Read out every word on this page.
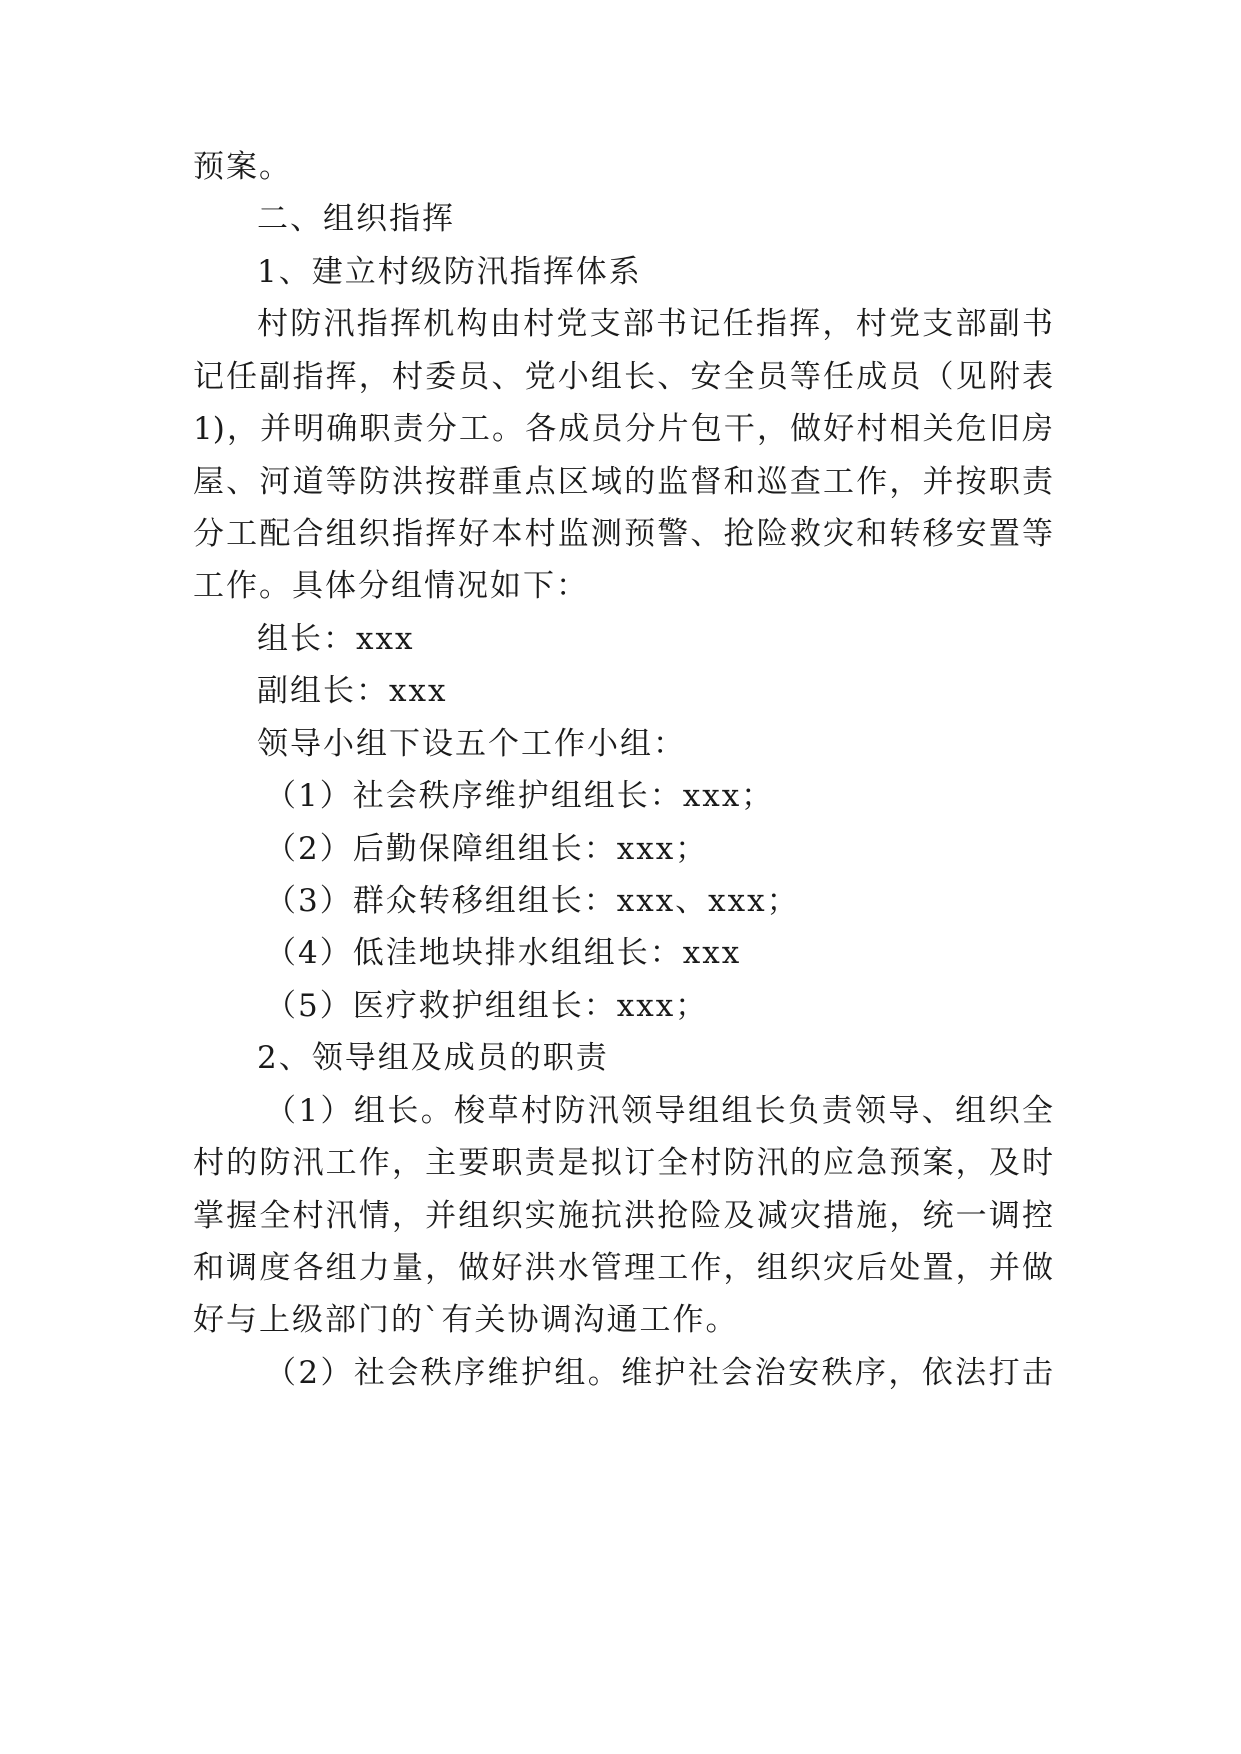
预案。
二、组织指挥
1、建立村级防汛指挥体系
村防汛指挥机构由村党支部书记任指挥，村党支部副书
记任副指挥，村委员、党小组长、安全员等任成员（见附表
1)，并明确职责分工。各成员分片包干，做好村相关危旧房
屋、河道等防洪按群重点区域的监督和巡查工作，并按职责
分工配合组织指挥好本村监测预警、抢险救灾和转移安置等
工作。具体分组情况如下：
组长：xxx
副组长：xxx
领导小组下设五个工作小组：
（1）社会秩序维护组组长：xxx；
（2）后勤保障组组长：xxx；
（3）群众转移组组长：xxx、xxx；
（4）低洼地块排水组组长：xxx
（5）医疗救护组组长：xxx；
2、领导组及成员的职责
（1）组长。梭草村防汛领导组组长负责领导、组织全
村的防汛工作，主要职责是拟订全村防汛的应急预案，及时
掌握全村汛情，并组织实施抗洪抢险及减灾措施，统一调控
和调度各组力量，做好洪水管理工作，组织灾后处置，并做
好与上级部门的`有关协调沟通工作。
（2）社会秩序维护组。维护社会治安秩序，依法打击
